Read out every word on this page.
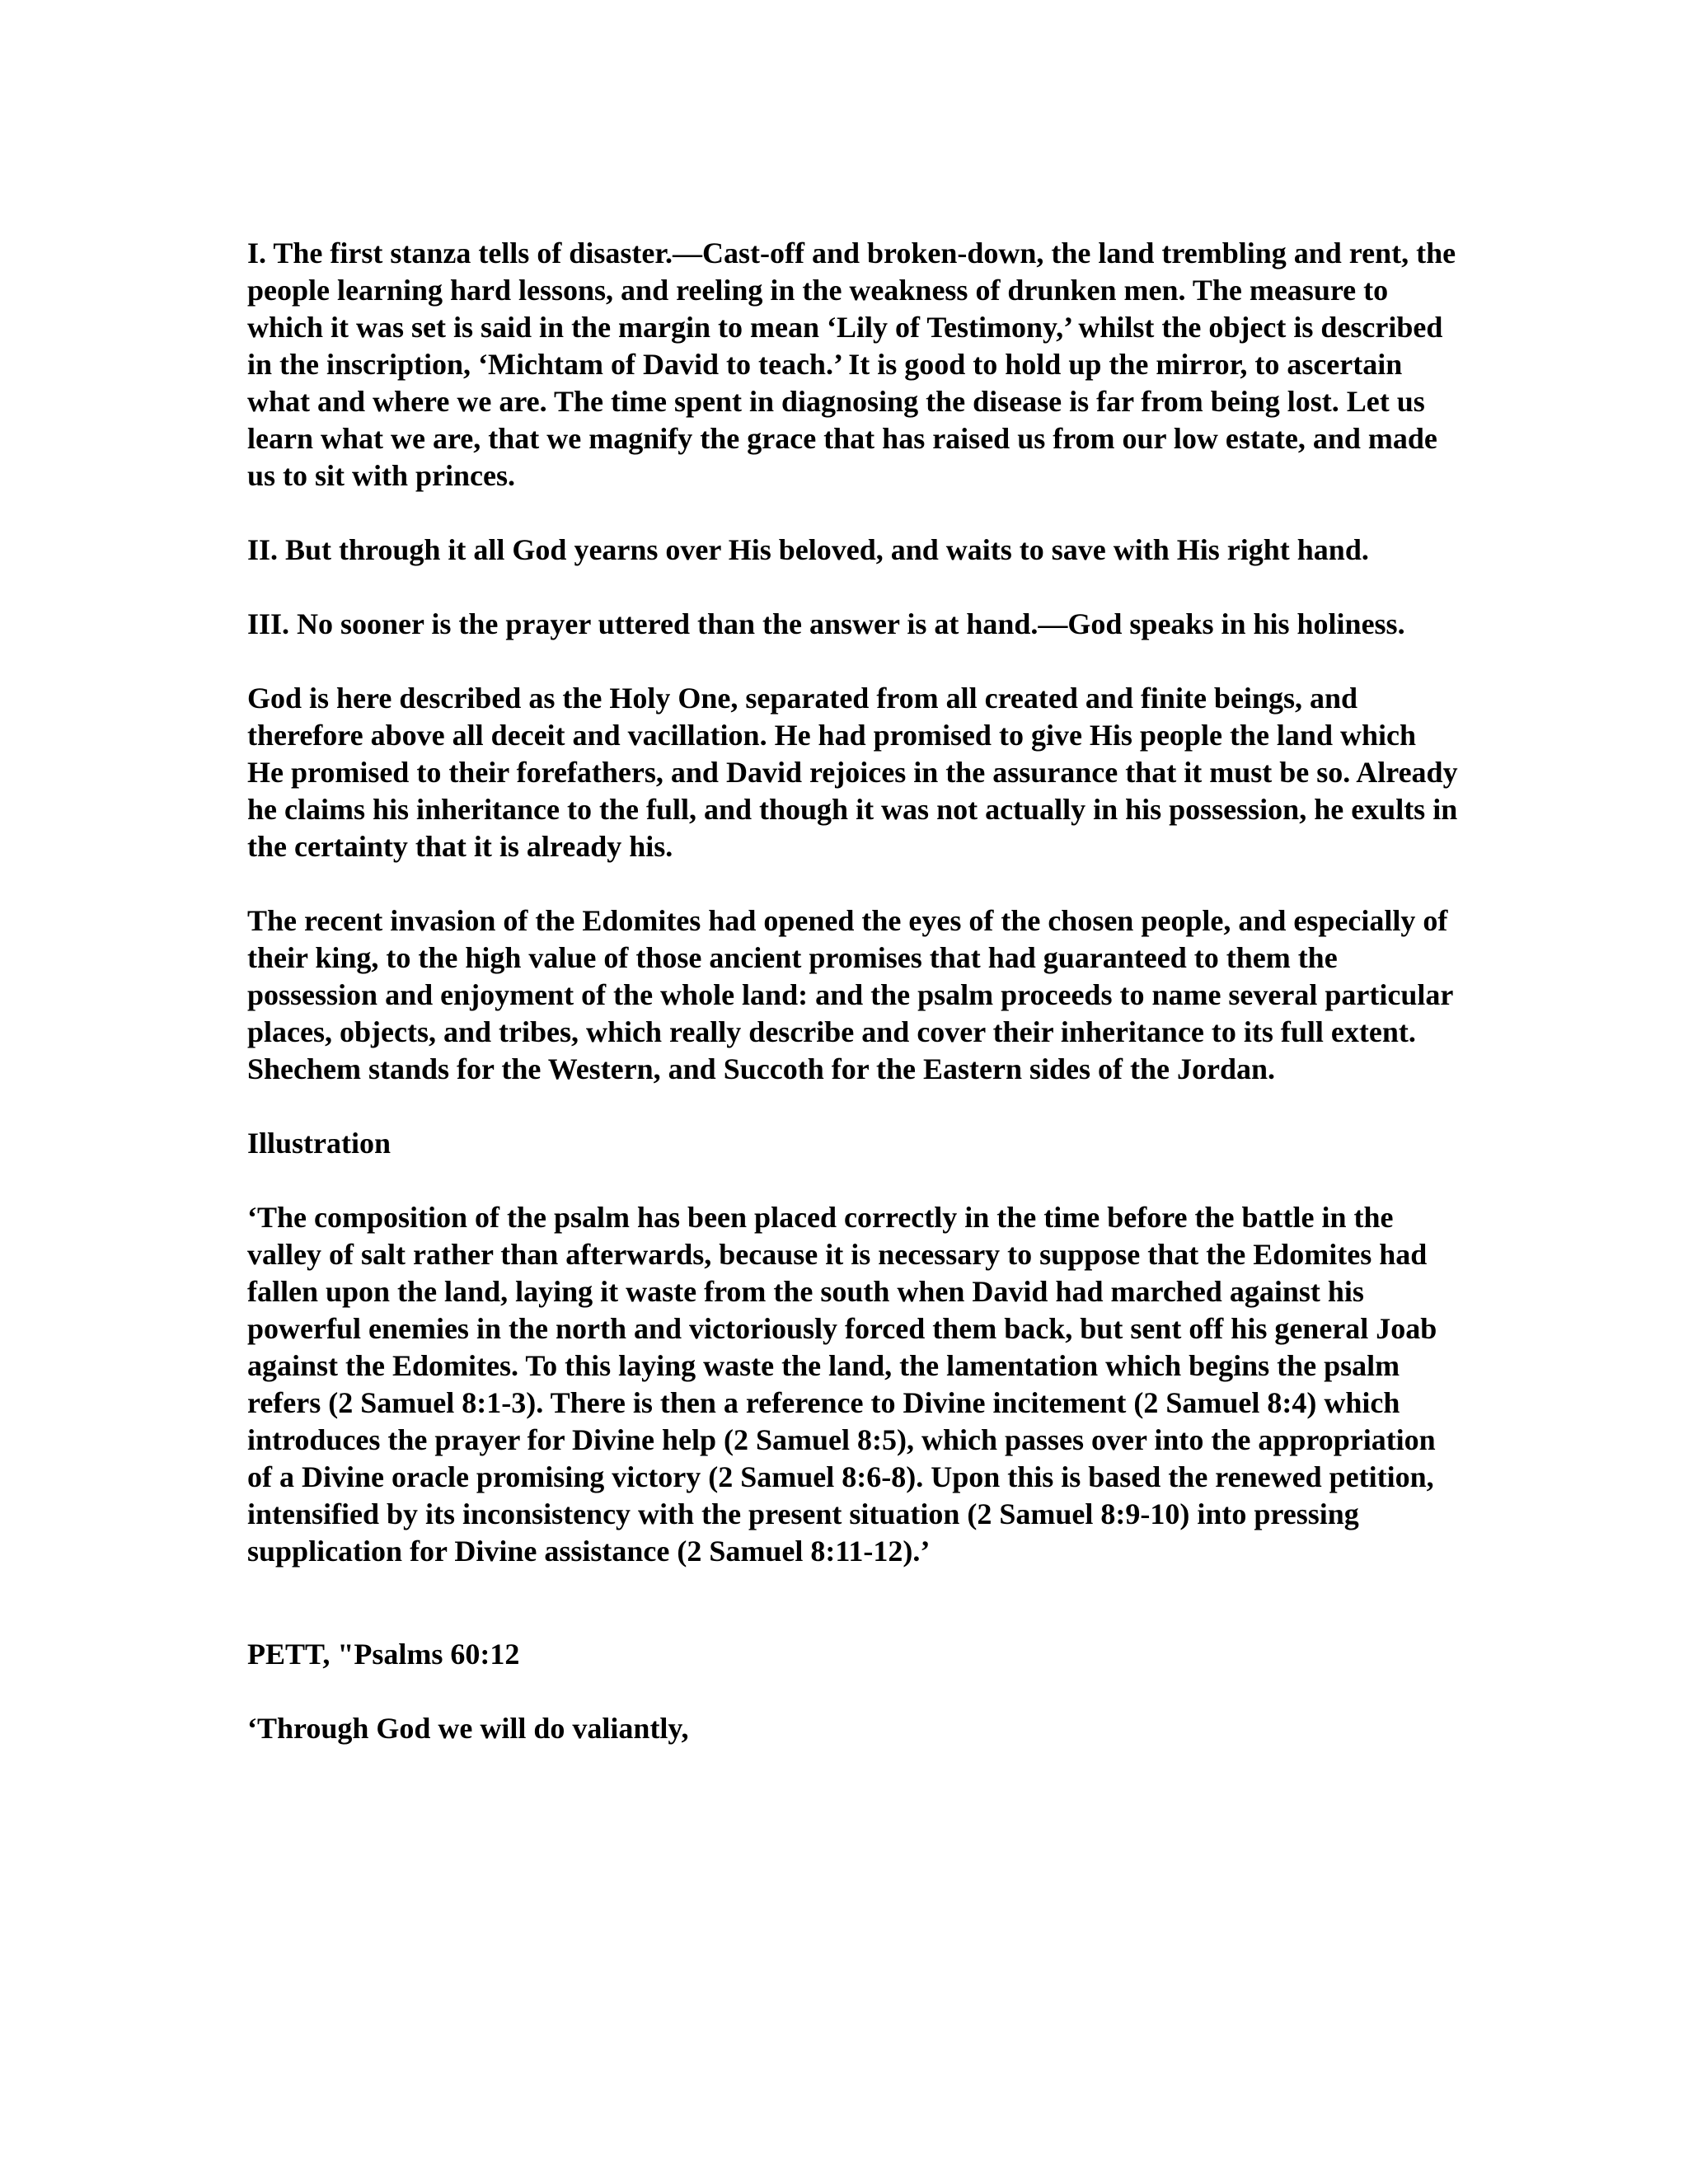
I. The first stanza tells of disaster.—Cast-off and broken-down, the land trembling and rent, the people learning hard lessons, and reeling in the weakness of drunken men. The measure to which it was set is said in the margin to mean ‘Lily of Testimony,’ whilst the object is described in the inscription, ‘Michtam of David to teach.’ It is good to hold up the mirror, to ascertain what and where we are. The time spent in diagnosing the disease is far from being lost. Let us learn what we are, that we magnify the grace that has raised us from our low estate, and made us to sit with princes.

II. But through it all God yearns over His beloved, and waits to save with His right hand.

III. No sooner is the prayer uttered than the answer is at hand.—God speaks in his holiness.

God is here described as the Holy One, separated from all created and finite beings, and therefore above all deceit and vacillation. He had promised to give His people the land which He promised to their forefathers, and David rejoices in the assurance that it must be so. Already he claims his inheritance to the full, and though it was not actually in his possession, he exults in the certainty that it is already his.

The recent invasion of the Edomites had opened the eyes of the chosen people, and especially of their king, to the high value of those ancient promises that had guaranteed to them the possession and enjoyment of the whole land: and the psalm proceeds to name several particular places, objects, and tribes, which really describe and cover their inheritance to its full extent. Shechem stands for the Western, and Succoth for the Eastern sides of the Jordan.

Illustration

‘The composition of the psalm has been placed correctly in the time before the battle in the valley of salt rather than afterwards, because it is necessary to suppose that the Edomites had fallen upon the land, laying it waste from the south when David had marched against his powerful enemies in the north and victoriously forced them back, but sent off his general Joab against the Edomites. To this laying waste the land, the lamentation which begins the psalm refers (2 Samuel 8:1-3). There is then a reference to Divine incitement (2 Samuel 8:4) which introduces the prayer for Divine help (2 Samuel 8:5), which passes over into the appropriation of a Divine oracle promising victory (2 Samuel 8:6-8). Upon this is based the renewed petition, intensified by its inconsistency with the present situation (2 Samuel 8:9-10) into pressing supplication for Divine assistance (2 Samuel 8:11-12).’

PETT, "Psalms 60:12

‘Through God we will do valiantly,
